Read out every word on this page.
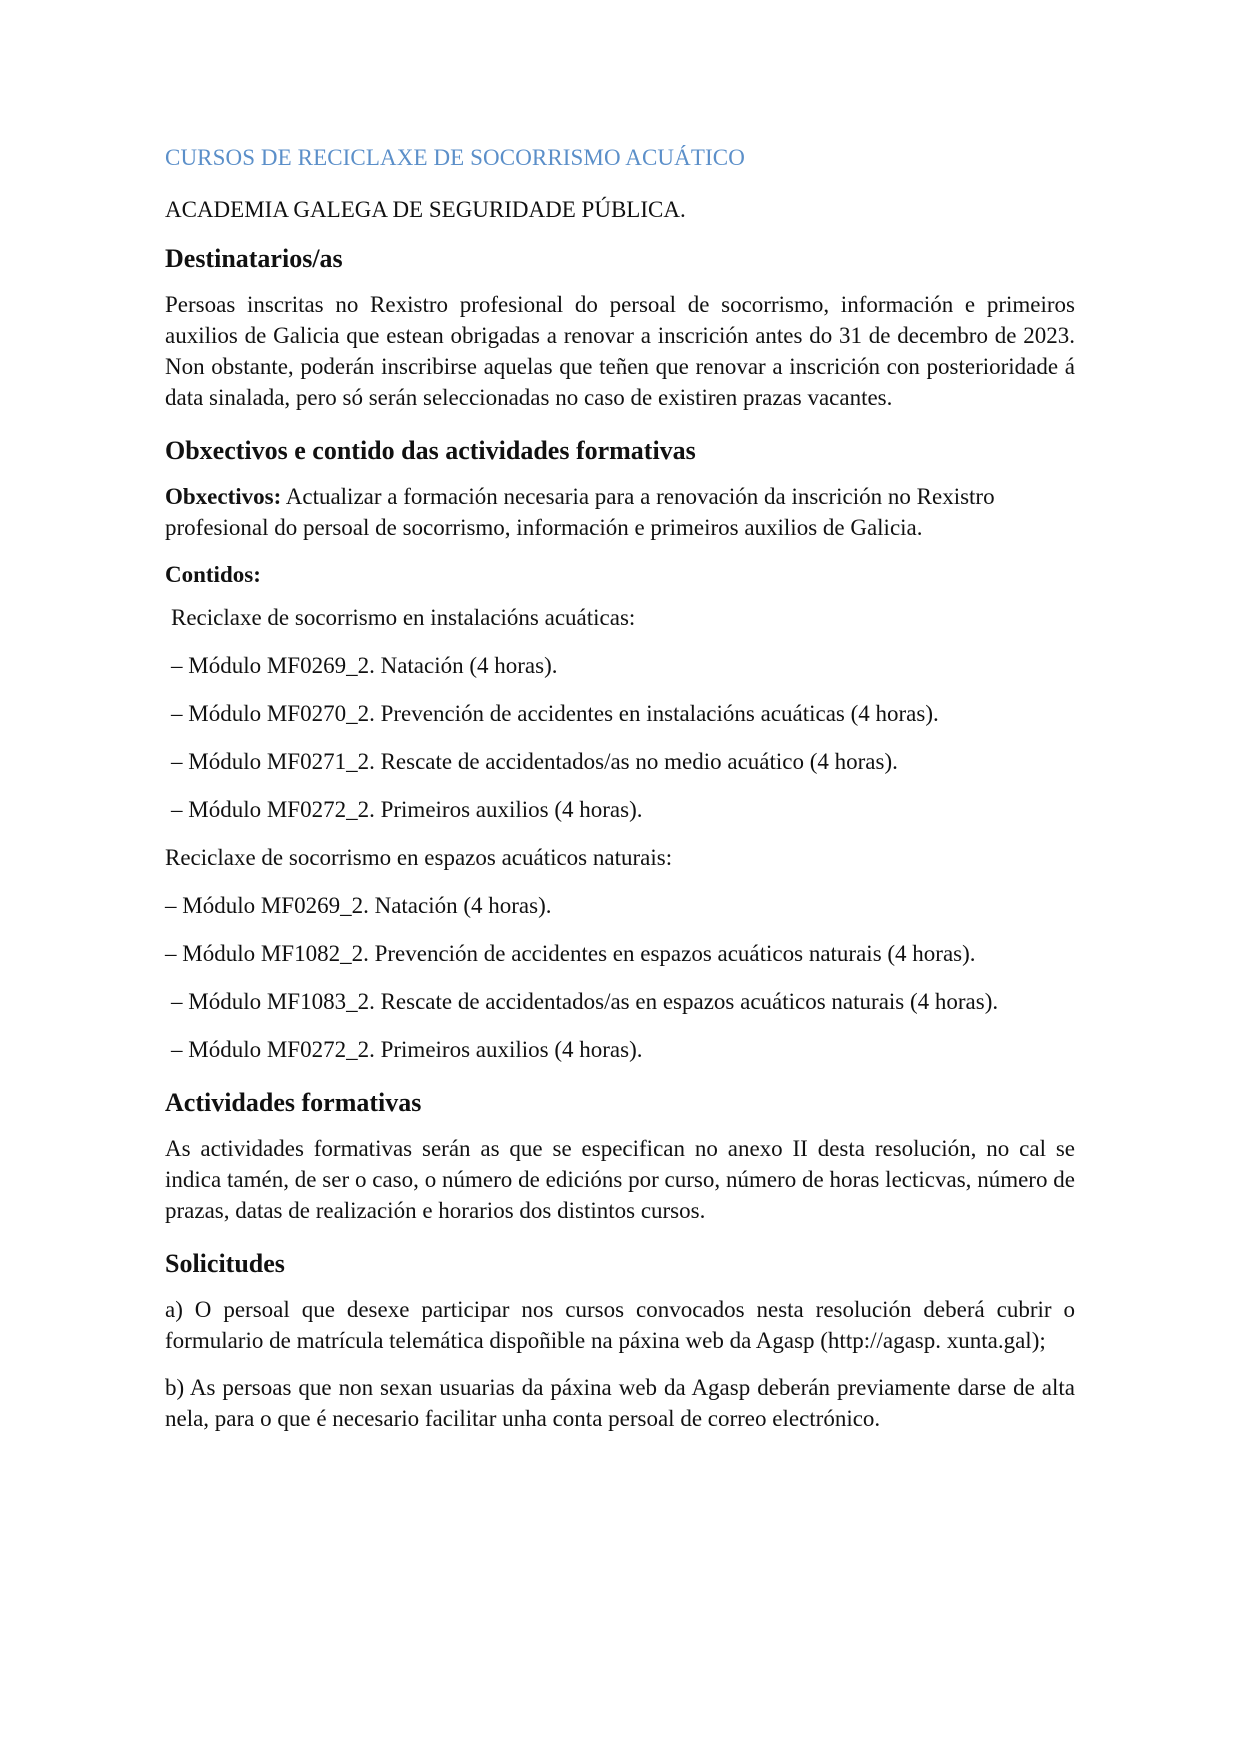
CURSOS DE RECICLAXE DE SOCORRISMO ACUÁTICO
ACADEMIA GALEGA DE SEGURIDADE PÚBLICA.
Destinatarios/as

Persoas inscritas no Rexistro profesional do persoal de socorrismo, información e primeiros auxilios de Galicia que estean obrigadas a renovar a inscrición antes do 31 de decembro de 2023. Non obstante, poderán inscribirse aquelas que teñen que renovar a inscrición con posterioridade á data sinalada, pero só serán seleccionadas no caso de existiren prazas vacantes.

Obxectivos e contido das actividades formativas

Obxectivos: Actualizar a formación necesaria para a renovación da inscrición no Rexistro profesional do persoal de socorrismo, información e primeiros auxilios de Galicia.

Contidos:

Reciclaxe de socorrismo en instalacións acuáticas:
– Módulo MF0269_2. Natación (4 horas).
– Módulo MF0270_2. Prevención de accidentes en instalacións acuáticas (4 horas).
– Módulo MF0271_2. Rescate de accidentados/as no medio acuático (4 horas).
– Módulo MF0272_2. Primeiros auxilios (4 horas).
Reciclaxe de socorrismo en espazos acuáticos naturais:
– Módulo MF0269_2. Natación (4 horas).
– Módulo MF1082_2. Prevención de accidentes en espazos acuáticos naturais (4 horas).
– Módulo MF1083_2. Rescate de accidentados/as en espazos acuáticos naturais (4 horas).
– Módulo MF0272_2. Primeiros auxilios (4 horas).
Actividades formativas

As actividades formativas serán as que se especifican no anexo II desta resolución, no cal se indica tamén, de ser o caso, o número de edicións por curso, número de horas lecticvas, número de prazas, datas de realización e horarios dos distintos cursos.

Solicitudes

a) O persoal que desexe participar nos cursos convocados nesta resolución deberá cubrir o formulario de matrícula telemática dispoñible na páxina web da Agasp (http://agasp. xunta.gal);

b) As persoas que non sexan usuarias da páxina web da Agasp deberán previamente darse de alta nela, para o que é necesario facilitar unha conta persoal de correo electrónico.
